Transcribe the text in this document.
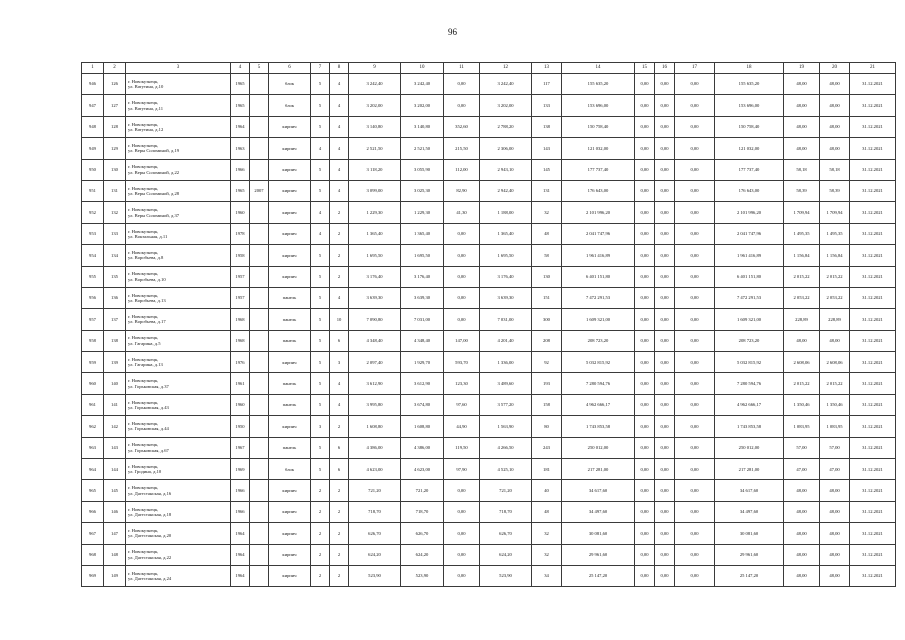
96
1	2	3	4	5	6	7	8	9	10	11	12	13	14	15	16	17	18	19	20	21
946	126	г. Новокузнецк,
ул. Ватутина, д.10	1965		блок	5	4	3 242,40	3 242,40	0,00	3 242,40	117	155 635,20	0,00	0,00	0,00	155 635,20	48,00	48,00	31.12.2021
947	127	г. Новокузнецк,
ул. Ватутина, д.11	1965		блок	5	4	3 202,00	3 202,00	0,00	3 202,00	133	153 696,00	0,00	0,00	0,00	153 696,00	48,00	48,00	31.12.2021
948	128	г. Новокузнецк,
ул. Ватутина, д.12	1964		кирпич	5	4	3 140,80	3 140,80	352,60	2 788,20	138	150 758,40	0,00	0,00	0,00	150 758,40	48,00	48,00	31.12.2021
949	129	г. Новокузнецк,
ул. Веры Соломиной, д.19	1963		кирпич	4	4	2 521,50	2 521,50	215,50	2 306,00	143	121 032,00	0,00	0,00	0,00	121 032,00	48,00	48,00	31.12.2021
950	130	г. Новокузнецк,
ул. Веры Соломиной, д.22	1966		кирпич	5	4	3 118,20	3 055,90	112,00	2 943,10	145	177 737,40	0,00	0,00	0,00	177 737,40	58,18	58,18	31.12.2021
951	131	г. Новокузнецк,
ул. Веры Соломиной, д.28	1965	2007	кирпич	5	4	3 099,00	3 025,30	82,90	2 942,40	131	176 643,00	0,00	0,00	0,00	176 643,00	58,39	58,39	31.12.2021
952	132	г. Новокузнецк,
ул. Веры Соломиной, д.37	1960		кирпич	4	2	1 229,30	1 229,30	41,30	1 188,00	32	2 101 996,20	0,00	0,00	0,00	2 101 996,20	1 709,94	1 709,94	31.12.2021
953	133	г. Новокузнецк,
ул. Вокзальная, д.11	1978		кирпич	4	2	1 365,40	1 365,40	0,00	1 365,40	48	2 041 747,96	0,00	0,00	0,00	2 041 747,96	1 495,35	1 495,35	31.12.2021
954	134	г. Новокузнецк,
ул. Воробьева, д.8	1958		кирпич	5	2	1 695,50	1 695,50	0,00	1 695,50	58	1 961 416,89	0,00	0,00	0,00	1 961 416,89	1 156,84	1 156,84	31.12.2021
955	135	г. Новокузнецк,
ул. Воробьева, д.10	1957		кирпич	5	2	3 176,40	3 176,40	0,00	3 176,40	130	6 401 151,80	0,00	0,00	0,00	6 401 151,80	2 015,22	2 015,22	31.12.2021
956	136	г. Новокузнецк,
ул. Воробьева, д.13	1957		панель	5	4	3 639,30	3 639,30	0,00	3 639,30	151	7 472 291,53	0,00	0,00	0,00	7 472 291,53	2 053,22	2 053,22	31.12.2021
957	137	г. Новокузнецк,
ул. Воробьева, д.17	1968		панель	5	10	7 090,80	7 031,00	0,00	7 031,00	300	1 609 321,00	0,00	0,00	0,00	1 609 321,00	228,89	228,89	31.12.2021
958	138	г. Новокузнецк,
ул. Гагарина, д.5	1968		панель	5	6	4 348,40	4 348,40	147,00	4 201,40	208	208 723,20	0,00	0,00	0,00	208 723,20	48,00	48,00	31.12.2021
959	139	г. Новокузнецк,
ул. Гагарина, д.13	1976		кирпич	5	3	2 097,40	1 929,70	593,70	1 336,00	92	5 032 815,92	0,00	0,00	0,00	5 032 815,92	2 608,06	2 608,06	31.12.2021
960	140	г. Новокузнецк,
ул. Горьковская, д.37	1961		панель	5	4	3 612,90	3 612,90	123,30	3 489,60	193	7 280 594,76	0,00	0,00	0,00	7 280 594,76	2 015,22	2 015,22	31.12.2021
961	141	г. Новокузнецк,
ул. Горьковская, д.43	1960		панель	5	4	3 995,80	3 674,80	97,60	3 577,20	158	4 962 666,17	0,00	0,00	0,00	4 962 666,17	1 350,46	1 350,46	31.12.2021
962	142	г. Новокузнецк,
ул. Горьковская, д.44	1950		кирпич	3	2	1 608,80	1 608,80	44,90	1 563,90	80	1 743 853,58	0,00	0,00	0,00	1 743 853,58	1 083,95	1 083,95	31.12.2021
963	143	г. Новокузнецк,
ул. Горьковская, д.67	1967		панель	5	6	4 386,00	4 386,00	119,50	4 266,50	243	250 012,00	0,00	0,00	0,00	250 012,00	57,00	57,00	31.12.2021
964	144	г. Новокузнецк,
ул. Гродина, д.10	1969		блок	5	6	4 623,00	4 623,00	97,90	4 525,10	181	217 281,00	0,00	0,00	0,00	217 281,00	47,00	47,00	31.12.2021
965	145	г. Новокузнецк,
ул. Дагестанская, д.16	1966		кирпич	2	2	721,20	721,20	0,00	721,20	40	34 617,60	0,00	0,00	0,00	34 617,60	48,00	48,00	31.12.2021
966	146	г. Новокузнецк,
ул. Дагестанская, д.18	1966		кирпич	2	2	718,70	718,70	0,00	718,70	48	34 497,60	0,00	0,00	0,00	34 497,60	48,00	48,00	31.12.2021
967	147	г. Новокузнецк,
ул. Дагестанская, д.20	1964		кирпич	2	2	626,70	626,70	0,00	626,70	32	30 081,60	0,00	0,00	0,00	30 081,60	48,00	48,00	31.12.2021
968	148	г. Новокузнецк,
ул. Дагестанская, д.22	1964		кирпич	2	2	624,20	624,20	0,00	624,20	32	29 961,60	0,00	0,00	0,00	29 961,60	48,00	48,00	31.12.2021
969	149	г. Новокузнецк,
ул. Дагестанская, д.24	1964		кирпич	2	2	523,90	523,90	0,00	523,90	34	25 147,20	0,00	0,00	0,00	25 147,20	48,00	48,00	31.12.2021
